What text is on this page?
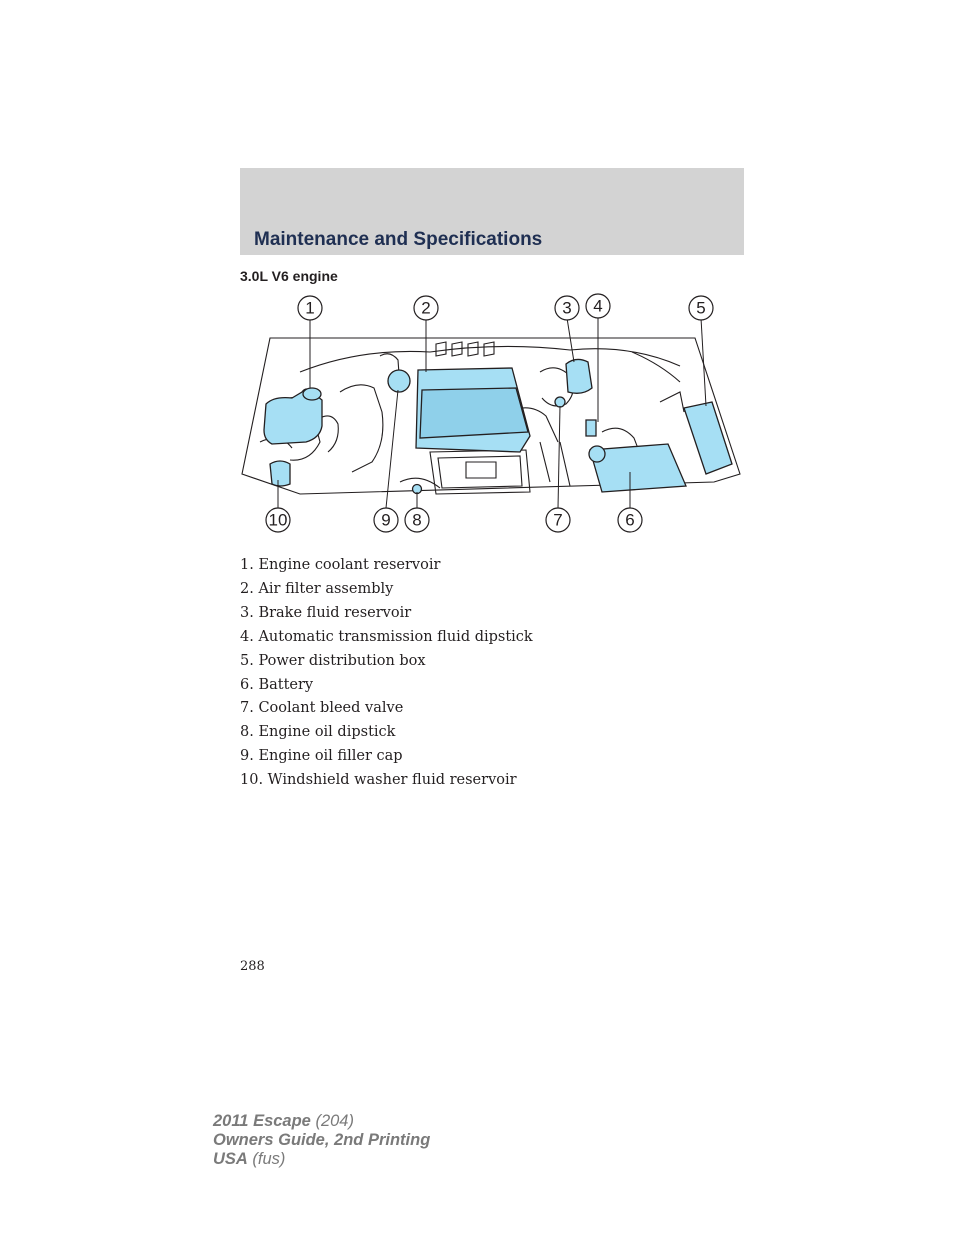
Maintenance and Specifications
3.0L V6 engine
1	2	3 4	5
10	9 8	7	6
1. Engine coolant reservoir
2. Air filter assembly
3. Brake fluid reservoir
4. Automatic transmission fluid dipstick
5. Power distribution box
6. Battery
7. Coolant bleed valve
8. Engine oil dipstick
9. Engine oil filler cap
10. Windshield washer fluid reservoir
288
2011 Escape (204)
Owners Guide, 2nd Printing
USA (fus)
